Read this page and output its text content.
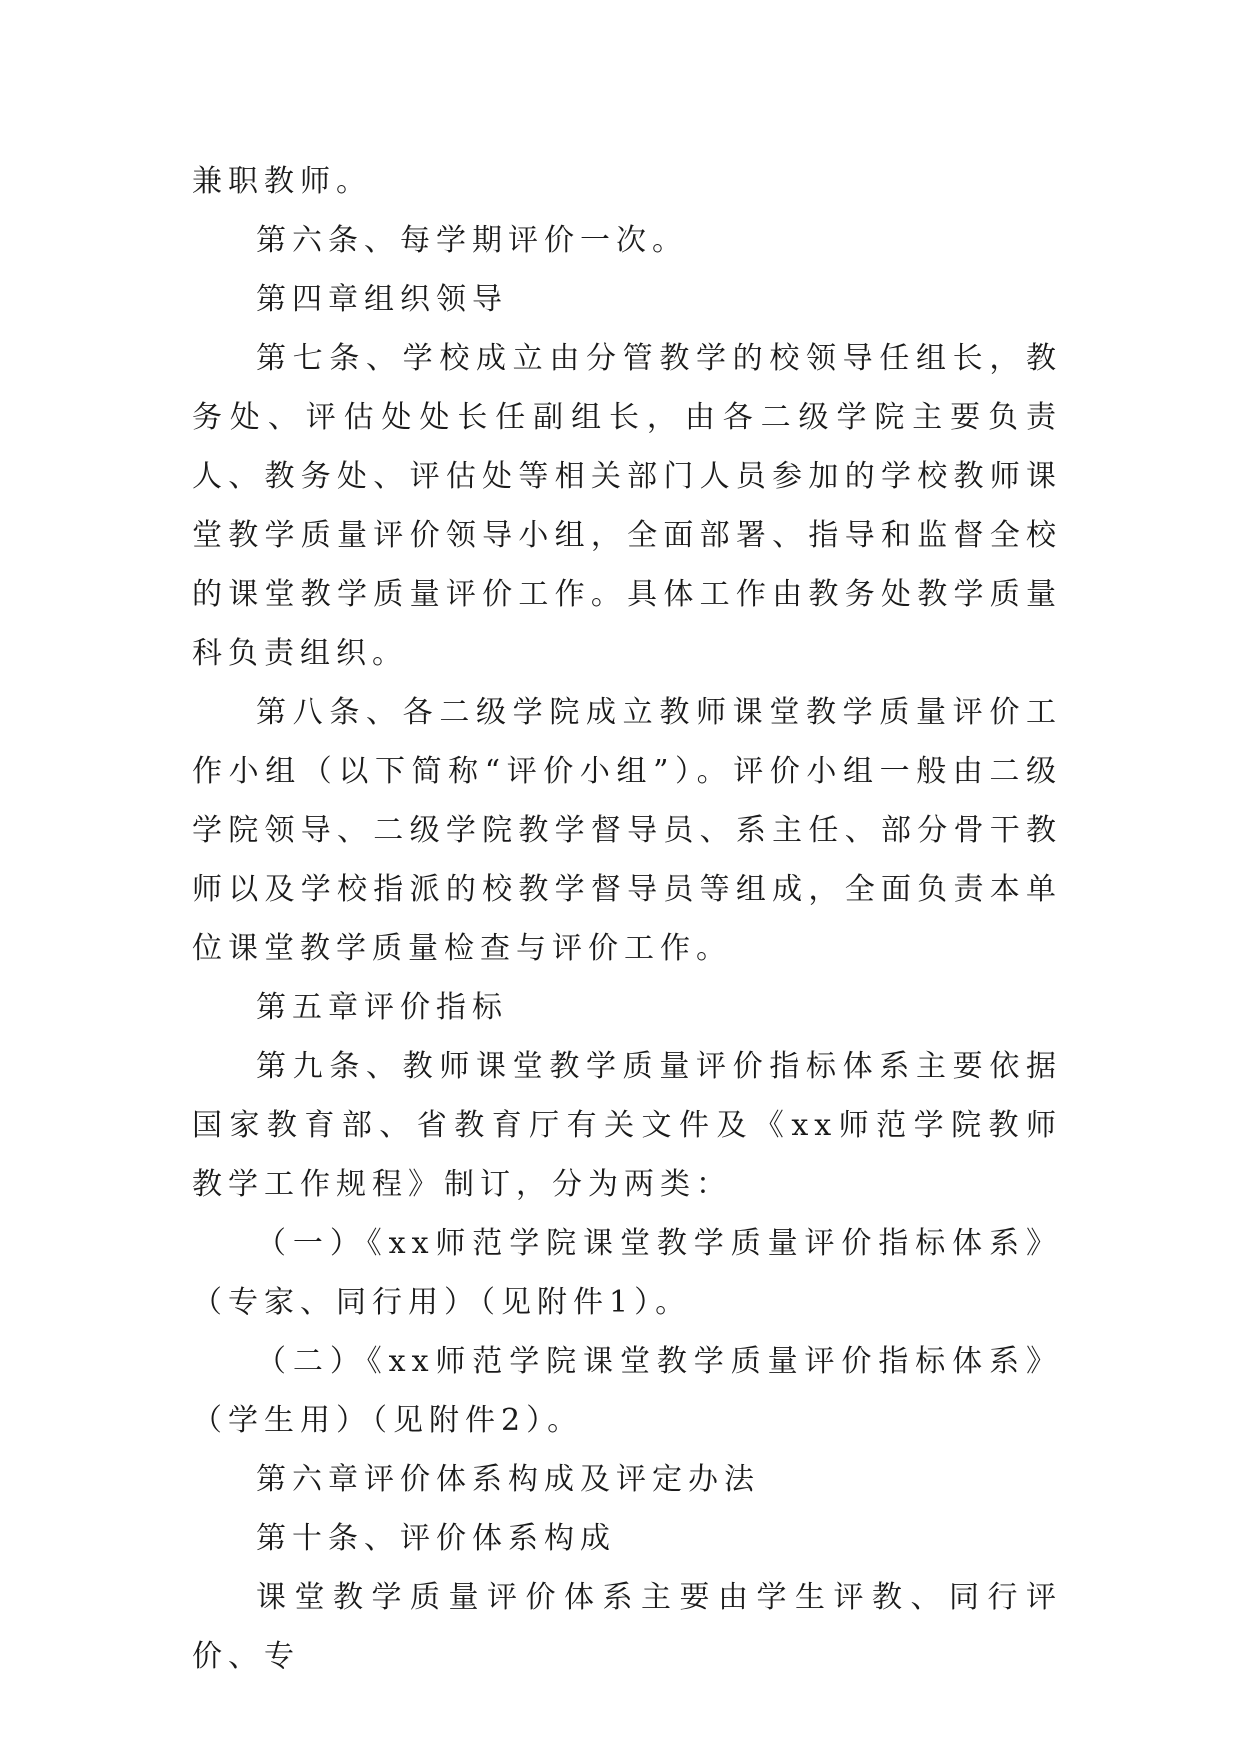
兼职教师。

第六条、每学期评价一次。

第四章组织领导

第七条、学校成立由分管教学的校领导任组长，教务处、评估处处长任副组长，由各二级学院主要负责人、教务处、评估处等相关部门人员参加的学校教师课堂教学质量评价领导小组，全面部署、指导和监督全校的课堂教学质量评价工作。具体工作由教务处教学质量科负责组织。

第八条、各二级学院成立教师课堂教学质量评价工作小组（以下简称“评价小组”）。评价小组一般由二级学院领导、二级学院教学督导员、系主任、部分骨干教师以及学校指派的校教学督导员等组成，全面负责本单位课堂教学质量检查与评价工作。

第五章评价指标

第九条、教师课堂教学质量评价指标体系主要依据国家教育部、省教育厅有关文件及《xx师范学院教师教学工作规程》制订，分为两类：

（一）《xx师范学院课堂教学质量评价指标体系》（专家、同行用）（见附件1）。

（二）《xx师范学院课堂教学质量评价指标体系》（学生用）（见附件2）。

第六章评价体系构成及评定办法

第十条、评价体系构成

课堂教学质量评价体系主要由学生评教、同行评价、专
